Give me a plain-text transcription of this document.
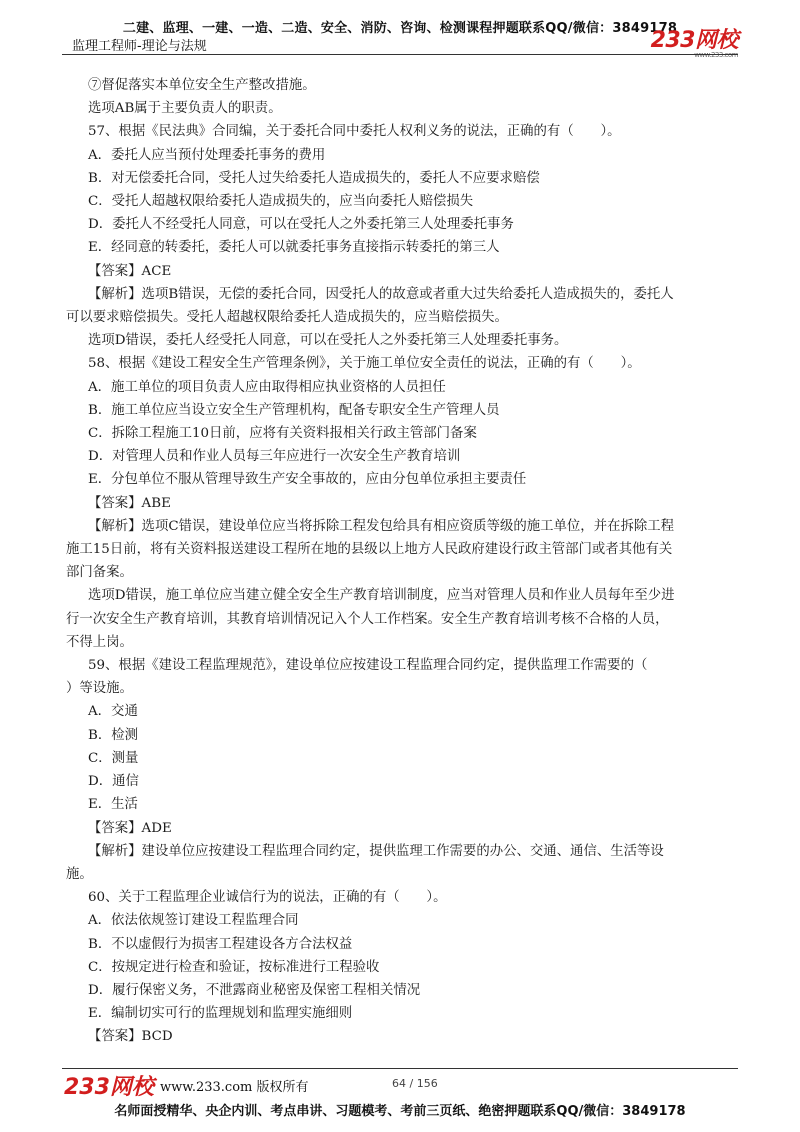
二建、监理、一建、一造、二造、安全、消防、咨询、检测课程押题联系QQ/微信：3849178
监理工程师-理论与法规	233网校
www.233.com
⑦督促落实本单位安全生产整改措施。
选项AB属于主要负责人的职责。
57、根据《民法典》合同编，关于委托合同中委托人权利义务的说法，正确的有（　　）。
A．委托人应当预付处理委托事务的费用
B．对无偿委托合同，受托人过失给委托人造成损失的，委托人不应要求赔偿
C．受托人超越权限给委托人造成损失的，应当向委托人赔偿损失
D．委托人不经受托人同意，可以在受托人之外委托第三人处理委托事务
E．经同意的转委托，委托人可以就委托事务直接指示转委托的第三人
【答案】ACE
【解析】选项B错误，无偿的委托合同，因受托人的故意或者重大过失给委托人造成损失的，委托人
可以要求赔偿损失。受托人超越权限给委托人造成损失的，应当赔偿损失。
选项D错误，委托人经受托人同意，可以在受托人之外委托第三人处理委托事务。
58、根据《建设工程安全生产管理条例》，关于施工单位安全责任的说法，正确的有（　　）。
A．施工单位的项目负责人应由取得相应执业资格的人员担任
B．施工单位应当设立安全生产管理机构，配备专职安全生产管理人员
C．拆除工程施工10日前，应将有关资料报相关行政主管部门备案
D．对管理人员和作业人员每三年应进行一次安全生产教育培训
E．分包单位不服从管理导致生产安全事故的，应由分包单位承担主要责任
【答案】ABE
【解析】选项C错误，建设单位应当将拆除工程发包给具有相应资质等级的施工单位，并在拆除工程
施工15日前，将有关资料报送建设工程所在地的县级以上地方人民政府建设行政主管部门或者其他有关
部门备案。
选项D错误，施工单位应当建立健全安全生产教育培训制度，应当对管理人员和作业人员每年至少进
行一次安全生产教育培训，其教育培训情况记入个人工作档案。安全生产教育培训考核不合格的人员，
不得上岗。
59、根据《建设工程监理规范》，建设单位应按建设工程监理合同约定，提供监理工作需要的（
）等设施。
A．交通
B．检测
C．测量
D．通信
E．生活
【答案】ADE
【解析】建设单位应按建设工程监理合同约定，提供监理工作需要的办公、交通、通信、生活等设
施。
60、关于工程监理企业诚信行为的说法，正确的有（　　）。
A．依法依规签订建设工程监理合同
B．不以虚假行为损害工程建设各方合法权益
C．按规定进行检查和验证，按标准进行工程验收
D．履行保密义务，不泄露商业秘密及保密工程相关情况
E．编制切实可行的监理规划和监理实施细则
【答案】BCD
233网校 www.233.com 版权所有	64 / 156
名师面授精华、央企内训、考点串讲、习题模考、考前三页纸、绝密押题联系QQ/微信：3849178
